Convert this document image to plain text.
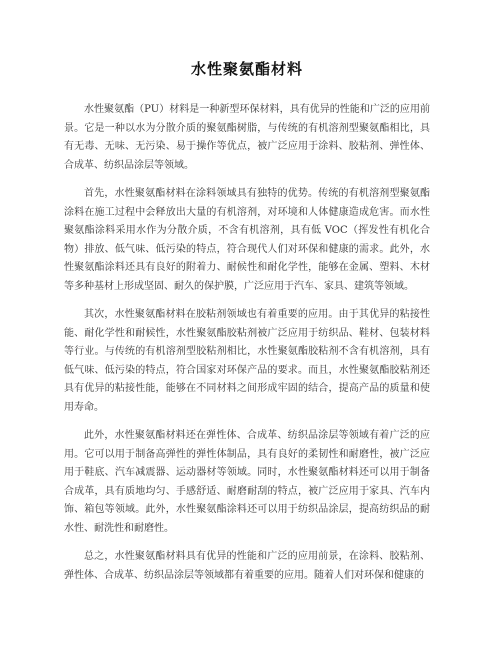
水性聚氨酯材料

水性聚氨酯（PU）材料是一种新型环保材料，具有优异的性能和广泛的应用前景。它是一种以水为分散介质的聚氨酯树脂，与传统的有机溶剂型聚氨酯相比，具有无毒、无味、无污染、易于操作等优点，被广泛应用于涂料、胶粘剂、弹性体、合成革、纺织品涂层等领域。

首先，水性聚氨酯材料在涂料领域具有独特的优势。传统的有机溶剂型聚氨酯涂料在施工过程中会释放出大量的有机溶剂，对环境和人体健康造成危害。而水性聚氨酯涂料采用水作为分散介质，不含有机溶剂，具有低 VOC（挥发性有机化合物）排放、低气味、低污染的特点，符合现代人们对环保和健康的需求。此外，水性聚氨酯涂料还具有良好的附着力、耐候性和耐化学性，能够在金属、塑料、木材等多种基材上形成坚固、耐久的保护膜，广泛应用于汽车、家具、建筑等领域。

其次，水性聚氨酯材料在胶粘剂领域也有着重要的应用。由于其优异的粘接性能、耐化学性和耐候性，水性聚氨酯胶粘剂被广泛应用于纺织品、鞋材、包装材料等行业。与传统的有机溶剂型胶粘剂相比，水性聚氨酯胶粘剂不含有机溶剂，具有低气味、低污染的特点，符合国家对环保产品的要求。而且，水性聚氨酯胶粘剂还具有优异的粘接性能，能够在不同材料之间形成牢固的结合，提高产品的质量和使用寿命。

此外，水性聚氨酯材料还在弹性体、合成革、纺织品涂层等领域有着广泛的应用。它可以用于制备高弹性的弹性体制品，具有良好的柔韧性和耐磨性，被广泛应用于鞋底、汽车减震器、运动器材等领域。同时，水性聚氨酯材料还可以用于制备合成革，具有质地均匀、手感舒适、耐磨耐刮的特点，被广泛应用于家具、汽车内饰、箱包等领域。此外，水性聚氨酯涂料还可以用于纺织品涂层，提高纺织品的耐水性、耐洗性和耐磨性。

总之，水性聚氨酯材料具有优异的性能和广泛的应用前景，在涂料、胶粘剂、弹性体、合成革、纺织品涂层等领域都有着重要的应用。随着人们对环保和健康的
